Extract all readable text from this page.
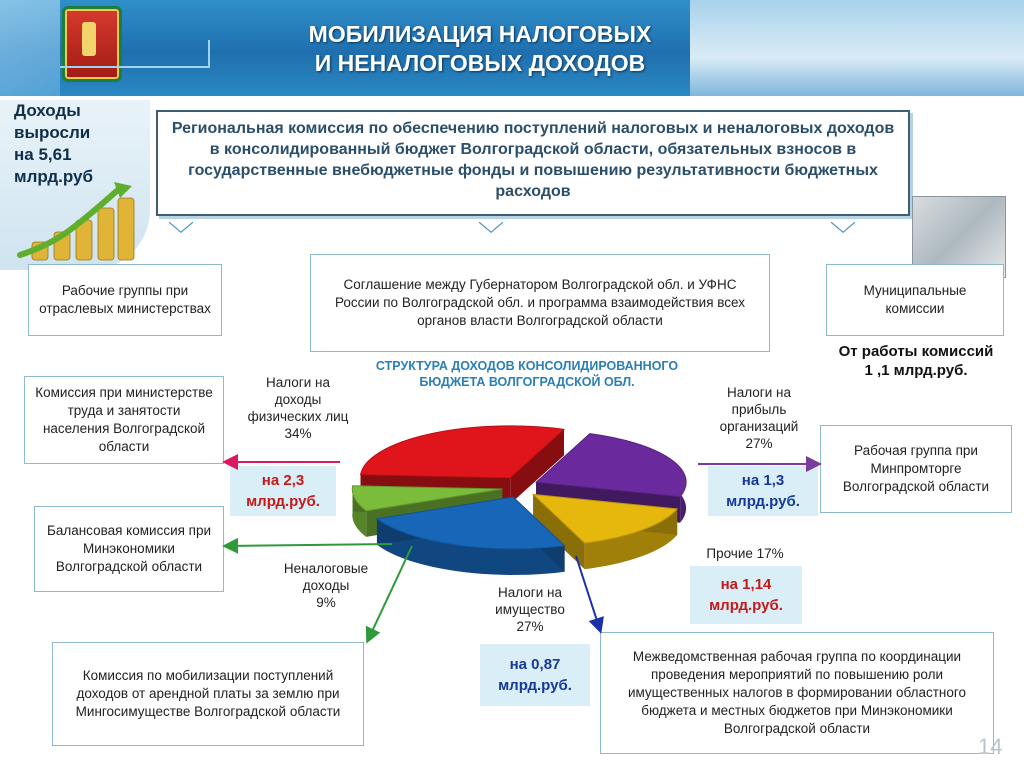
МОБИЛИЗАЦИЯ НАЛОГОВЫХ
И НЕНАЛОГОВЫХ ДОХОДОВ
Доходы
выросли
на 5,61
млрд.руб
Региональная комиссия по обеспечению поступлений налоговых и неналоговых доходов в консолидированный бюджет Волгоградской области, обязательных взносов в государственные внебюджетные фонды и повышению результативности бюджетных расходов
﹀	﹀	﹀
Рабочие группы при отраслевых министерствах
Соглашение между Губернатором Волгоградской обл. и УФНС России по Волгоградской обл. и программа взаимодействия всех органов власти Волгоградской области
Муниципальные комиссии
От работы комиссий
1 ,1 млрд.руб.
СТРУКТУРА ДОХОДОВ КОНСОЛИДИРОВАННОГО
БЮДЖЕТА ВОЛГОГРАДСКОЙ ОБЛ.
Налоги на
доходы
физических лиц
34%
Налоги на
прибыль
организаций
27%
Прочие 17%
Неналоговые
доходы
9%
Налоги на
имущество
27%
на 2,3 млрд.руб.
на 1,3 млрд.руб.
на 1,14 млрд.руб.
на 0,87 млрд.руб.
Комиссия при министерстве труда и занятости населения Волгоградской области
Балансовая комиссия при Минэкономики Волгоградской области
Комиссия по мобилизации поступлений доходов от арендной платы за землю при Мингосимуществе Волгоградской области
Рабочая группа при Минпромторге Волгоградской области
Межведомственная рабочая группа по координации проведения мероприятий по повышению роли имущественных налогов в формировании областного бюджета и местных бюджетов при Минэкономики Волгоградской области
14
